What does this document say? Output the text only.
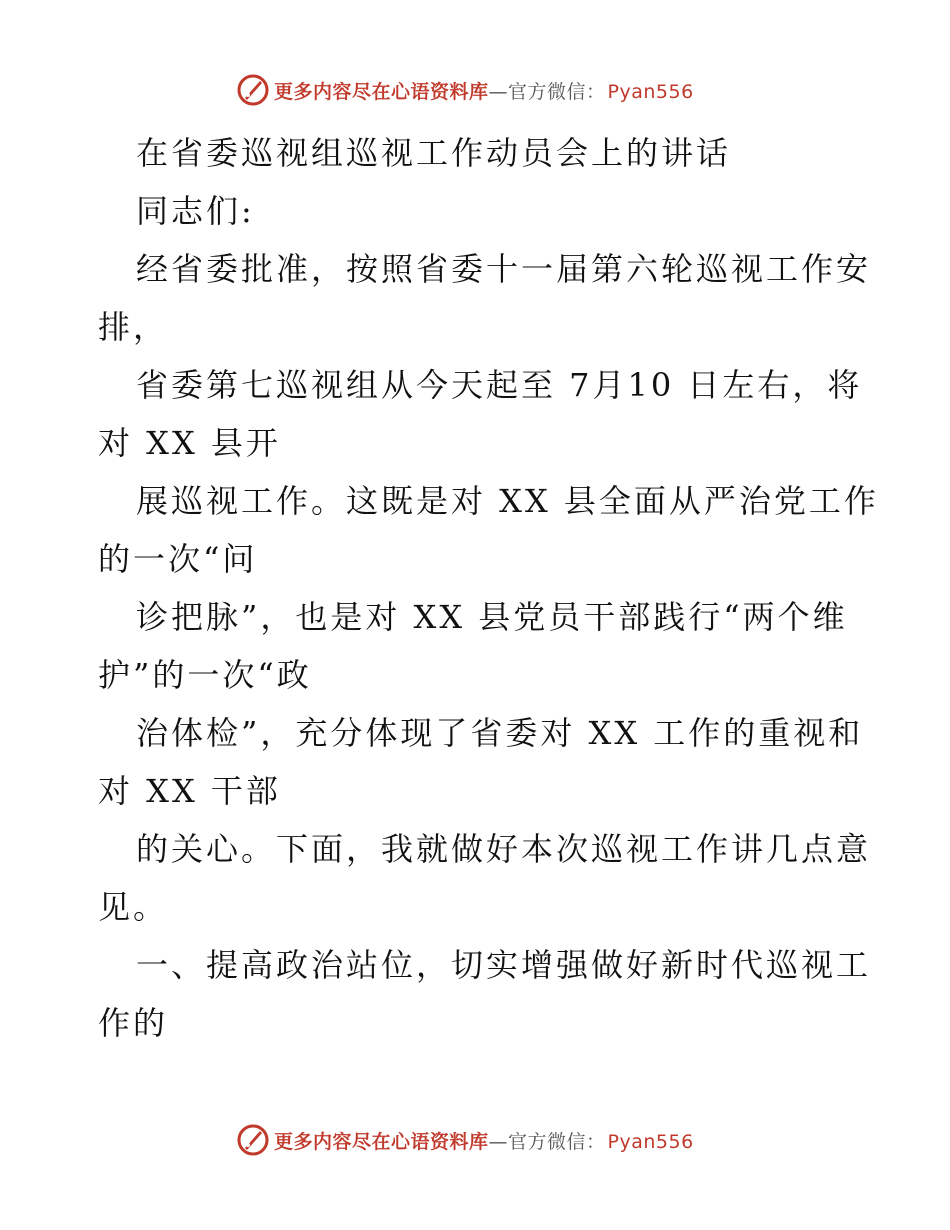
更多内容尽在心语资料库—官方微信： Pyan556
在省委巡视组巡视工作动员会上的讲话
同志们:
经省委批准，按照省委十一届第六轮巡视工作安
排，
省委第七巡视组从今天起至 7月10 日左右，将
对 XX 县开
展巡视工作。这既是对 XX 县全面从严治党工作
的一次“问
诊把脉”，也是对 XX 县党员干部践行“两个维
护”的一次“政
治体检”，充分体现了省委对 XX 工作的重视和
对 XX 干部
的关心。下面，我就做好本次巡视工作讲几点意
见。
一、提高政治站位，切实增强做好新时代巡视工
作的
更多内容尽在心语资料库—官方微信： Pyan556
